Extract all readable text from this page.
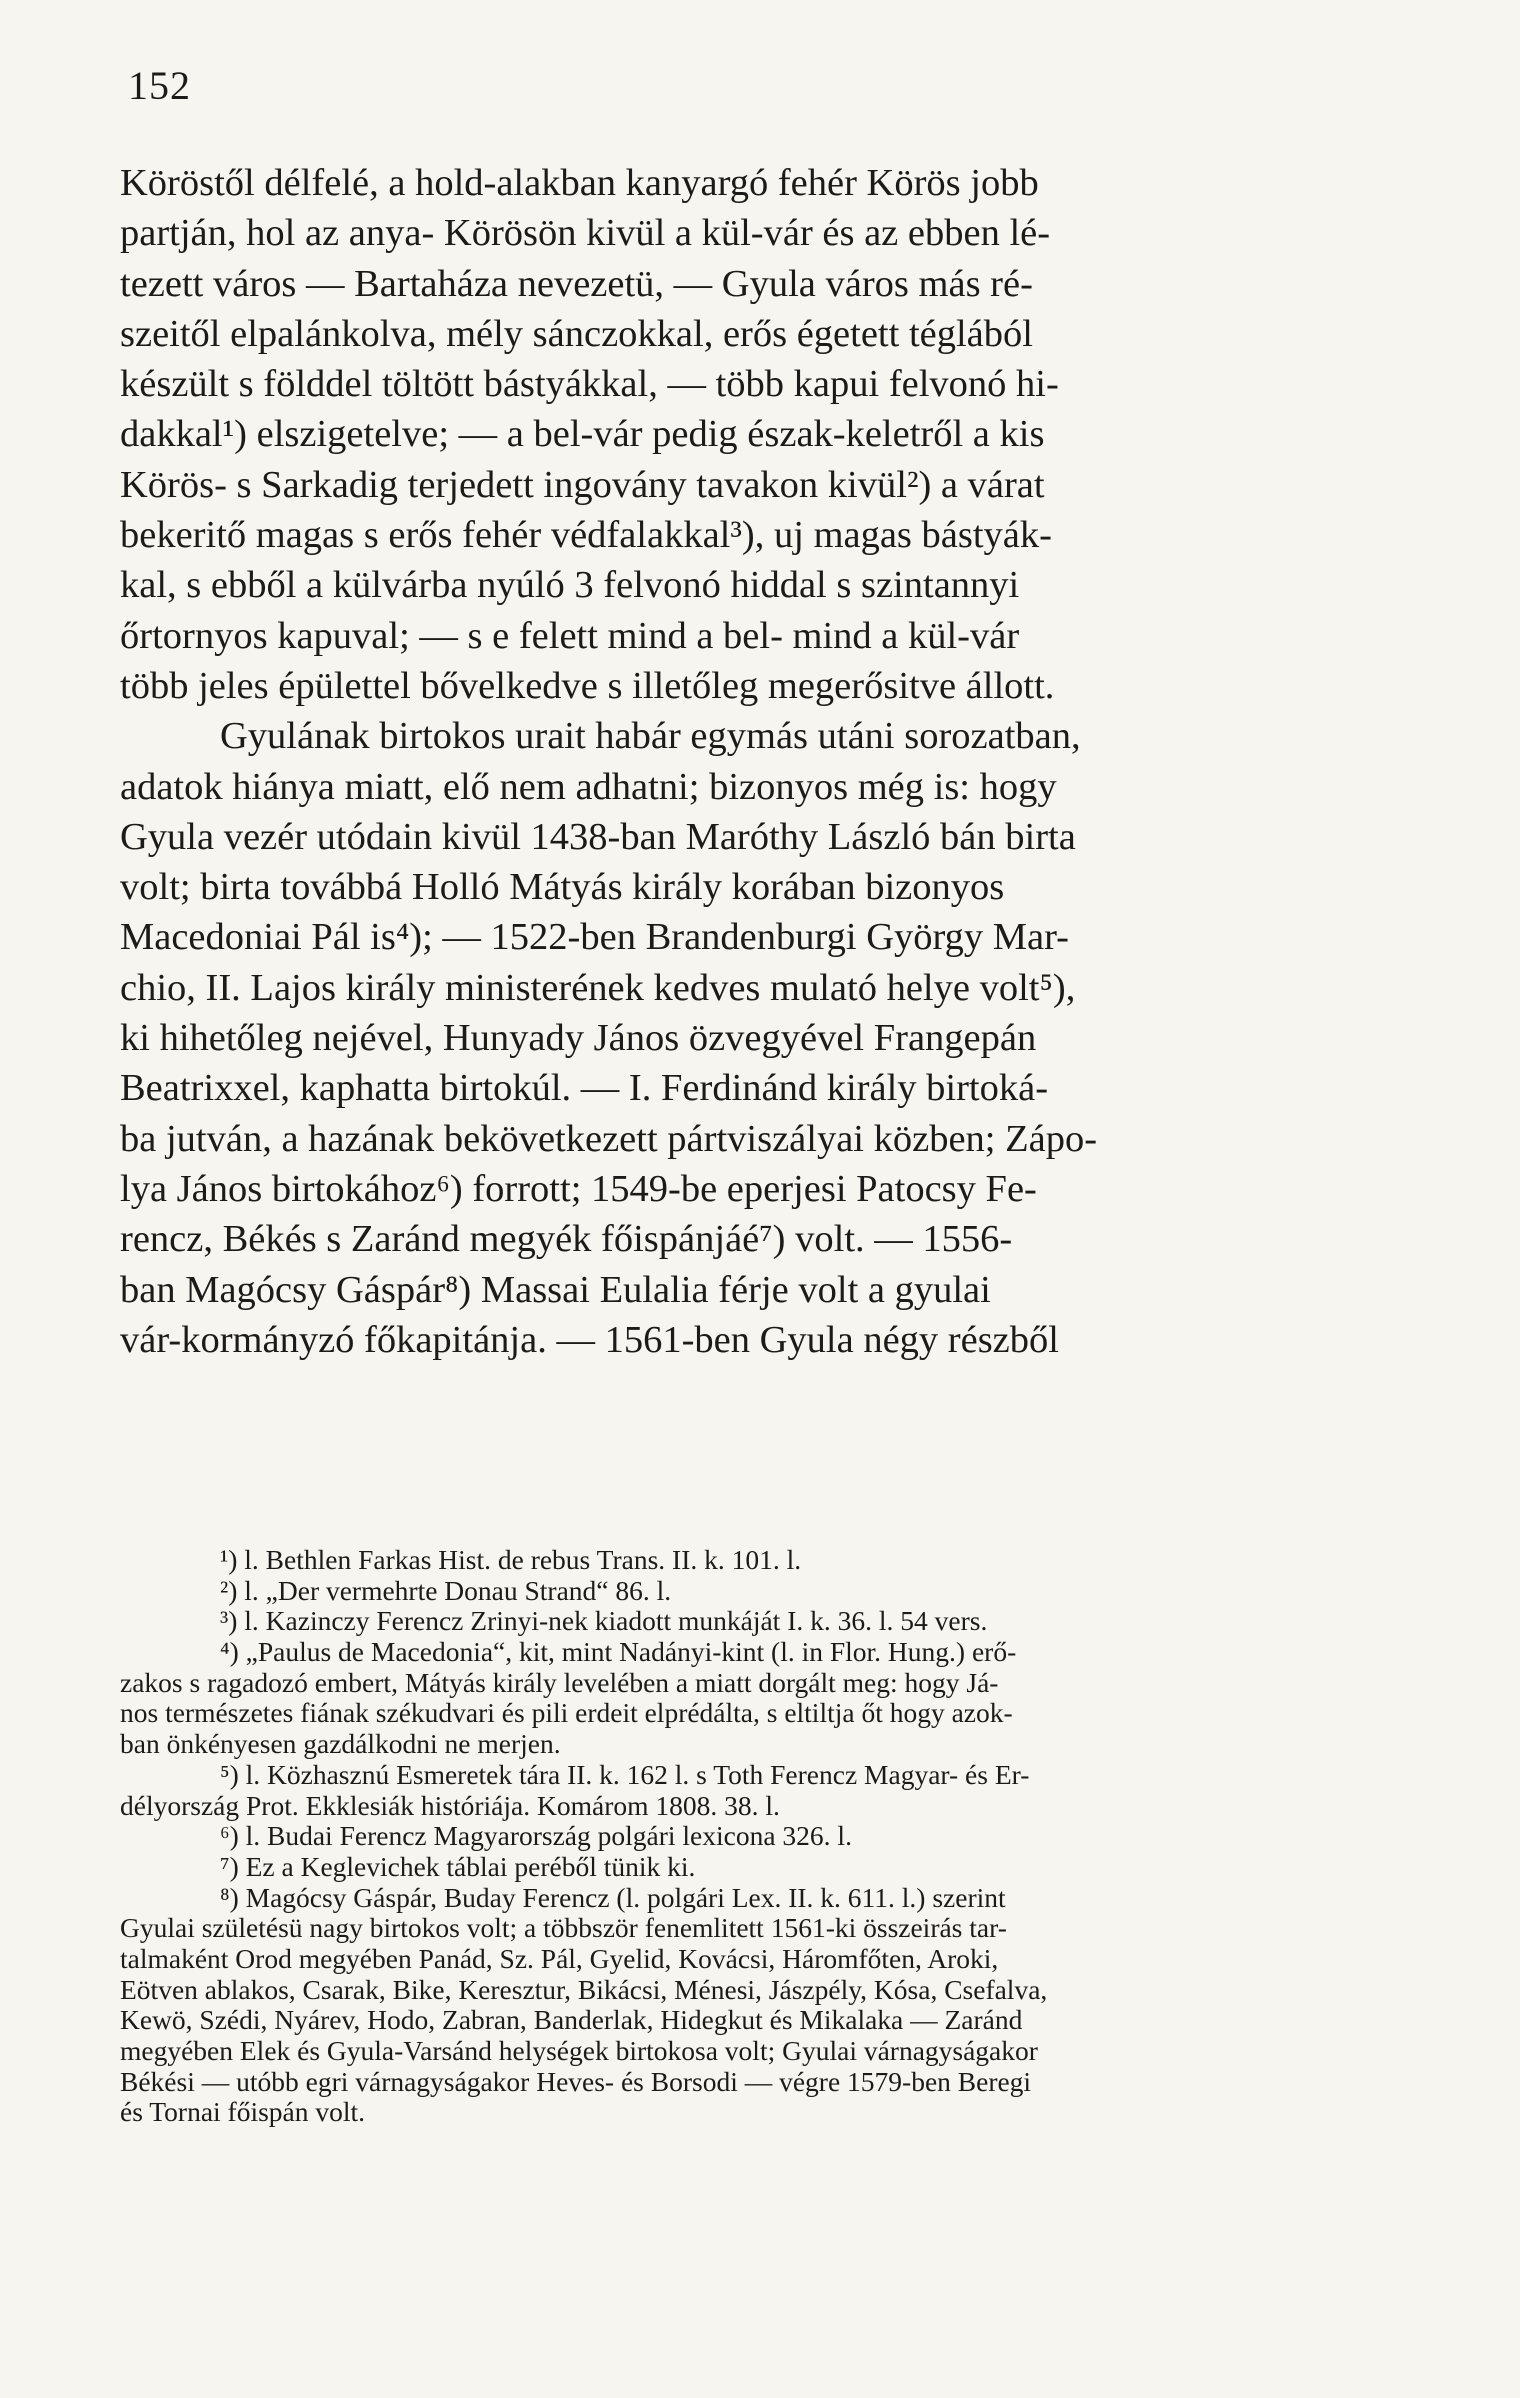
152
Köröstől délfelé, a hold-alakban kanyargó fehér Körös jobb
partján, hol az anya- Körösön kivül a kül-vár és az ebben lé-
tezett város — Bartaháza nevezetü, — Gyula város más ré-
szeitől elpalánkolva, mély sánczokkal, erős égetett téglából
készült s földdel töltött bástyákkal, — több kapui felvonó hi-
dakkal¹) elszigetelve; — a bel-vár pedig észak-keletről a kis
Körös- s Sarkadig terjedett ingovány tavakon kivül²) a várat
bekeritő magas s erős fehér védfalakkal³), uj magas bástyák-
kal, s ebből a külvárba nyúló 3 felvonó hiddal s szintannyi
őrtornyos kapuval; — s e felett mind a bel- mind a kül-vár
több jeles épülettel bővelkedve s illetőleg megerősitve állott.
Gyulának birtokos urait habár egymás utáni sorozatban,
adatok hiánya miatt, elő nem adhatni; bizonyos még is: hogy
Gyula vezér utódain kivül 1438-ban Maróthy László bán birta
volt; birta továbbá Holló Mátyás király korában bizonyos
Macedoniai Pál is⁴); — 1522-ben Brandenburgi György Mar-
chio, II. Lajos király ministerének kedves mulató helye volt⁵),
ki hihetőleg nejével, Hunyady János özvegyével Frangepán
Beatrixxel, kaphatta birtokúl. — I. Ferdinánd király birtoká-
ba jutván, a hazának bekövetkezett pártviszályai közben; Zápo-
lya János birtokához⁶) forrott; 1549-be eperjesi Patocsy Fe-
rencz, Békés s Zaránd megyék főispánjáé⁷) volt. — 1556-
ban Magócsy Gáspár⁸) Massai Eulalia férje volt a gyulai
vár-kormányzó főkapitánja. — 1561-ben Gyula négy részből
¹) l. Bethlen Farkas Hist. de rebus Trans. II. k. 101. l.
²) l. „Der vermehrte Donau Strand“ 86. l.
³) l. Kazinczy Ferencz Zrinyi-nek kiadott munkáját I. k. 36. l. 54 vers.
⁴) „Paulus de Macedonia“, kit, mint Nadányi-kint (l. in Flor. Hung.) erő-
zakos s ragadozó embert, Mátyás király levelében a miatt dorgált meg: hogy Já-
nos természetes fiának székudvari és pili erdeit elprédálta, s eltiltja őt hogy azok-
ban önkényesen gazdálkodni ne merjen.
⁵) l. Közhasznú Esmeretek tára II. k. 162 l. s Toth Ferencz Magyar- és Er-
délyország Prot. Ekklesiák históriája. Komárom 1808. 38. l.
⁶) l. Budai Ferencz Magyarország polgári lexicona 326. l.
⁷) Ez a Keglevichek táblai peréből tünik ki.
⁸) Magócsy Gáspár, Buday Ferencz (l. polgári Lex. II. k. 611. l.) szerint
Gyulai születésü nagy birtokos volt; a többször fenemlitett 1561-ki összeirás tar-
talmaként Orod megyében Panád, Sz. Pál, Gyelid, Kovácsi, Háromfőten, Aroki,
Eötven ablakos, Csarak, Bike, Keresztur, Bikácsi, Ménesi, Jászpély, Kósa, Csefalva,
Kewö, Szédi, Nyárev, Hodo, Zabran, Banderlak, Hidegkut és Mikalaka — Zaránd
megyében Elek és Gyula-Varsánd helységek birtokosa volt; Gyulai várnagyságakor
Békési — utóbb egri várnagyságakor Heves- és Borsodi — végre 1579-ben Beregi
és Tornai főispán volt.
